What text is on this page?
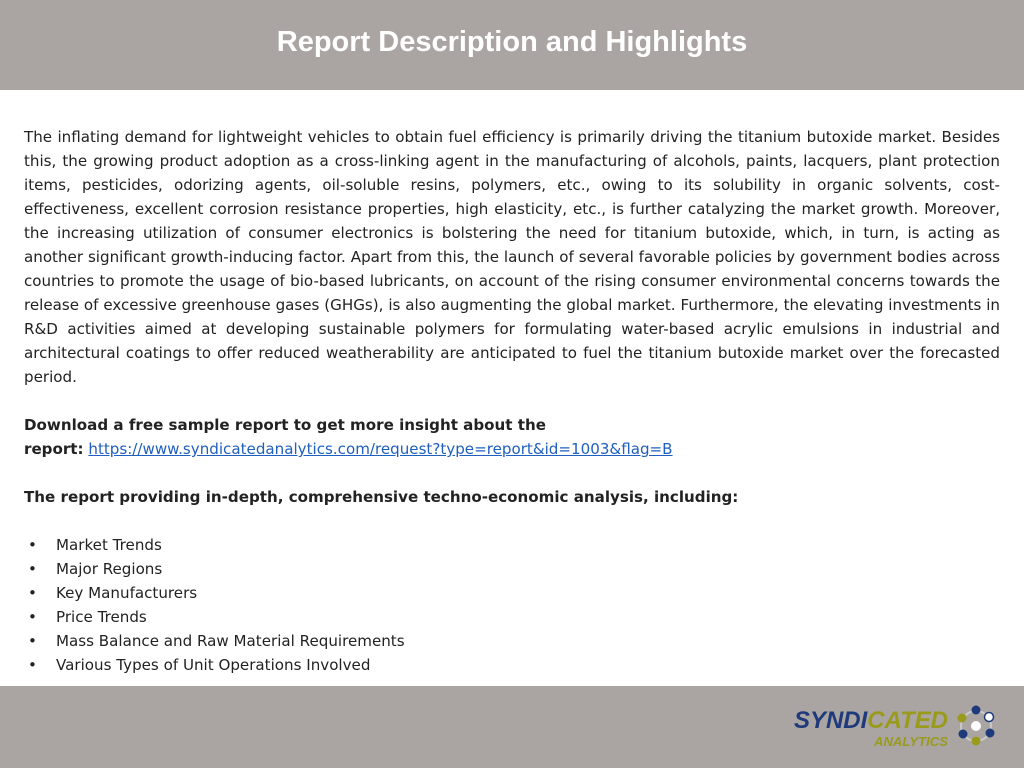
Report Description and Highlights

The inflating demand for lightweight vehicles to obtain fuel efficiency is primarily driving the titanium butoxide market. Besides this, the growing product adoption as a cross-linking agent in the manufacturing of alcohols, paints, lacquers, plant protection items, pesticides, odorizing agents, oil-soluble resins, polymers, etc., owing to its solubility in organic solvents, cost-effectiveness, excellent corrosion resistance properties, high elasticity, etc., is further catalyzing the market growth. Moreover, the increasing utilization of consumer electronics is bolstering the need for titanium butoxide, which, in turn, is acting as another significant growth-inducing factor. Apart from this, the launch of several favorable policies by government bodies across countries to promote the usage of bio-based lubricants, on account of the rising consumer environmental concerns towards the release of excessive greenhouse gases (GHGs), is also augmenting the global market. Furthermore, the elevating investments in R&D activities aimed at developing sustainable polymers for formulating water-based acrylic emulsions in industrial and architectural coatings to offer reduced weatherability are anticipated to fuel the titanium butoxide market over the forecasted period.

Download a free sample report to get more insight about the
report: https://www.syndicatedanalytics.com/request?type=report&id=1003&flag=B
The report providing in-depth, comprehensive techno-economic analysis, including:
•	Market Trends
•	Major Regions
•	Key Manufacturers
•	Price Trends
•	Mass Balance and Raw Material Requirements
•	Various Types of Unit Operations Involved
SYNDICATED
ANALYTICS
